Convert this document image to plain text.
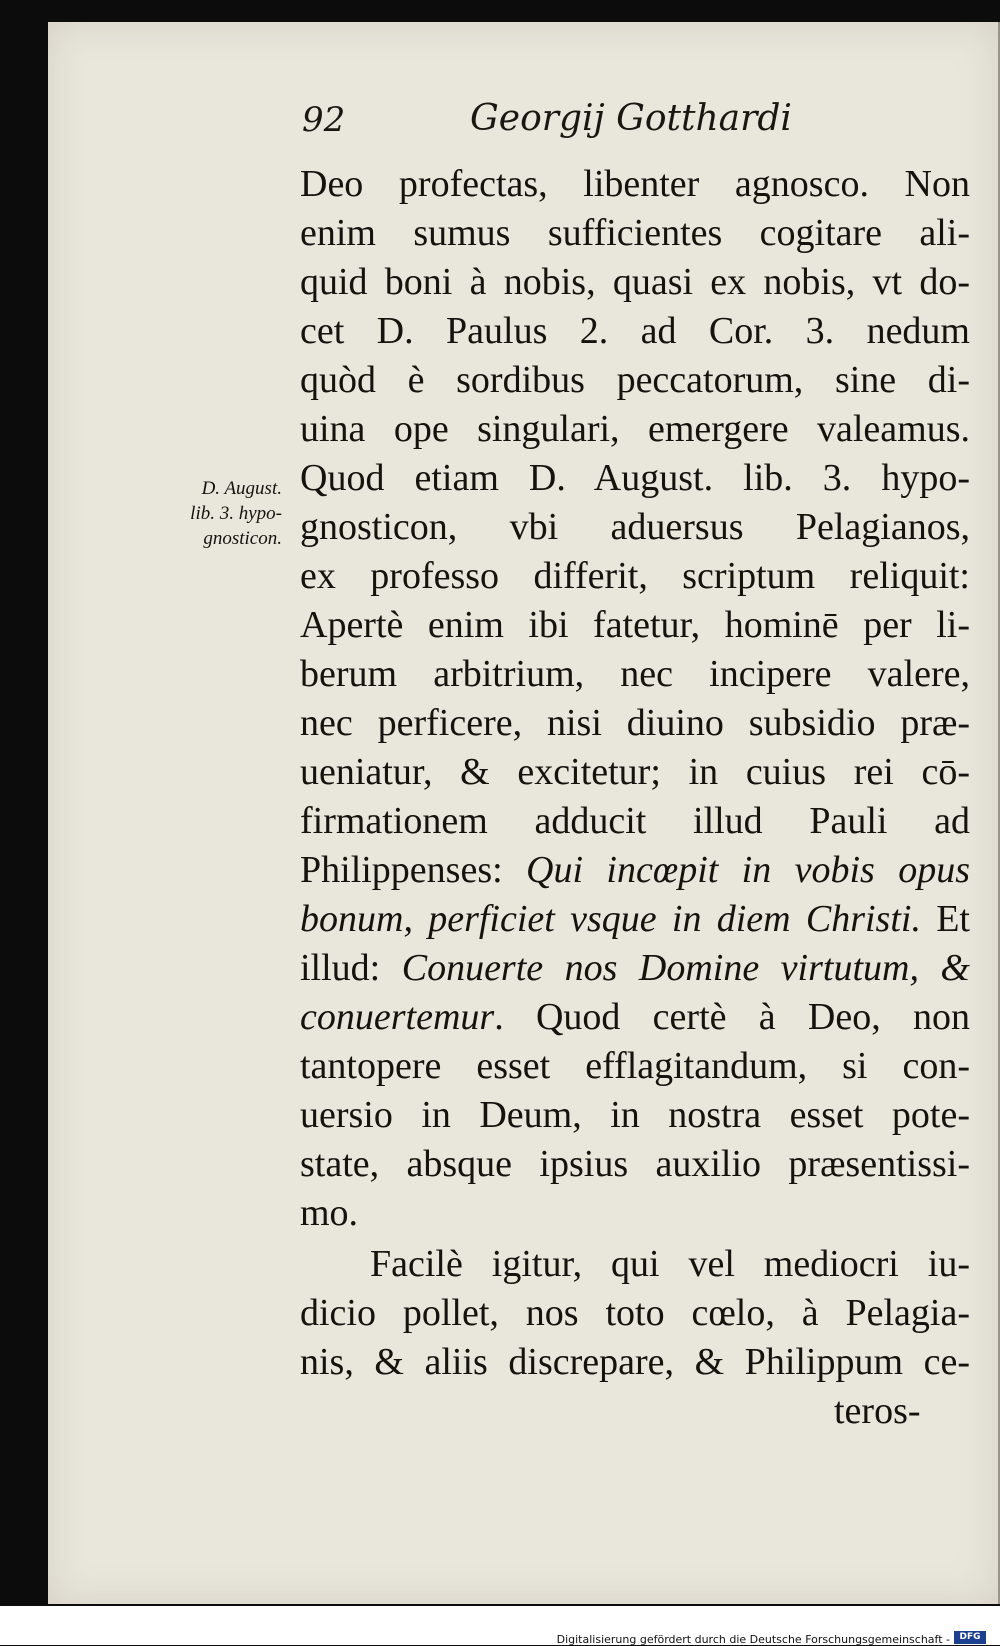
92	Georgij Gotthardi
D. August.
lib. 3. hypo-
gnosticon.
Deo profectas, libenter agnosco. Non
enim sumus sufficientes cogitare ali-
quid boni à nobis, quasi ex nobis, vt do-
cet D. Paulus 2. ad Cor. 3. nedum
quòd è sordibus peccatorum, sine di-
uina ope singulari, emergere valeamus.
Quod etiam D. August. lib. 3. hypo-
gnosticon, vbi aduersus Pelagianos,
ex professo differit, scriptum reliquit:
Apertè enim ibi fatetur, hominē per li-
berum arbitrium, nec incipere valere,
nec perficere, nisi diuino subsidio præ-
ueniatur, & excitetur; in cuius rei cō-
firmationem adducit illud Pauli ad
Philippenses: Qui incœpit in vobis opus
bonum, perficiet vsque in diem Christi. Et
illud: Conuerte nos Domine virtutum, &
conuertemur. Quod certè à Deo, non
tantopere esset efflagitandum, si con-
uersio in Deum, in nostra esset pote-
state, absque ipsius auxilio præsentissi-
mo.
Facilè igitur, qui vel mediocri iu-
dicio pollet, nos toto cœlo, à Pelagia-
nis, & aliis discrepare, & Philippum ce-
teros-
Digitalisierung gefördert durch die Deutsche Forschungsgemeinschaft -	DFG
